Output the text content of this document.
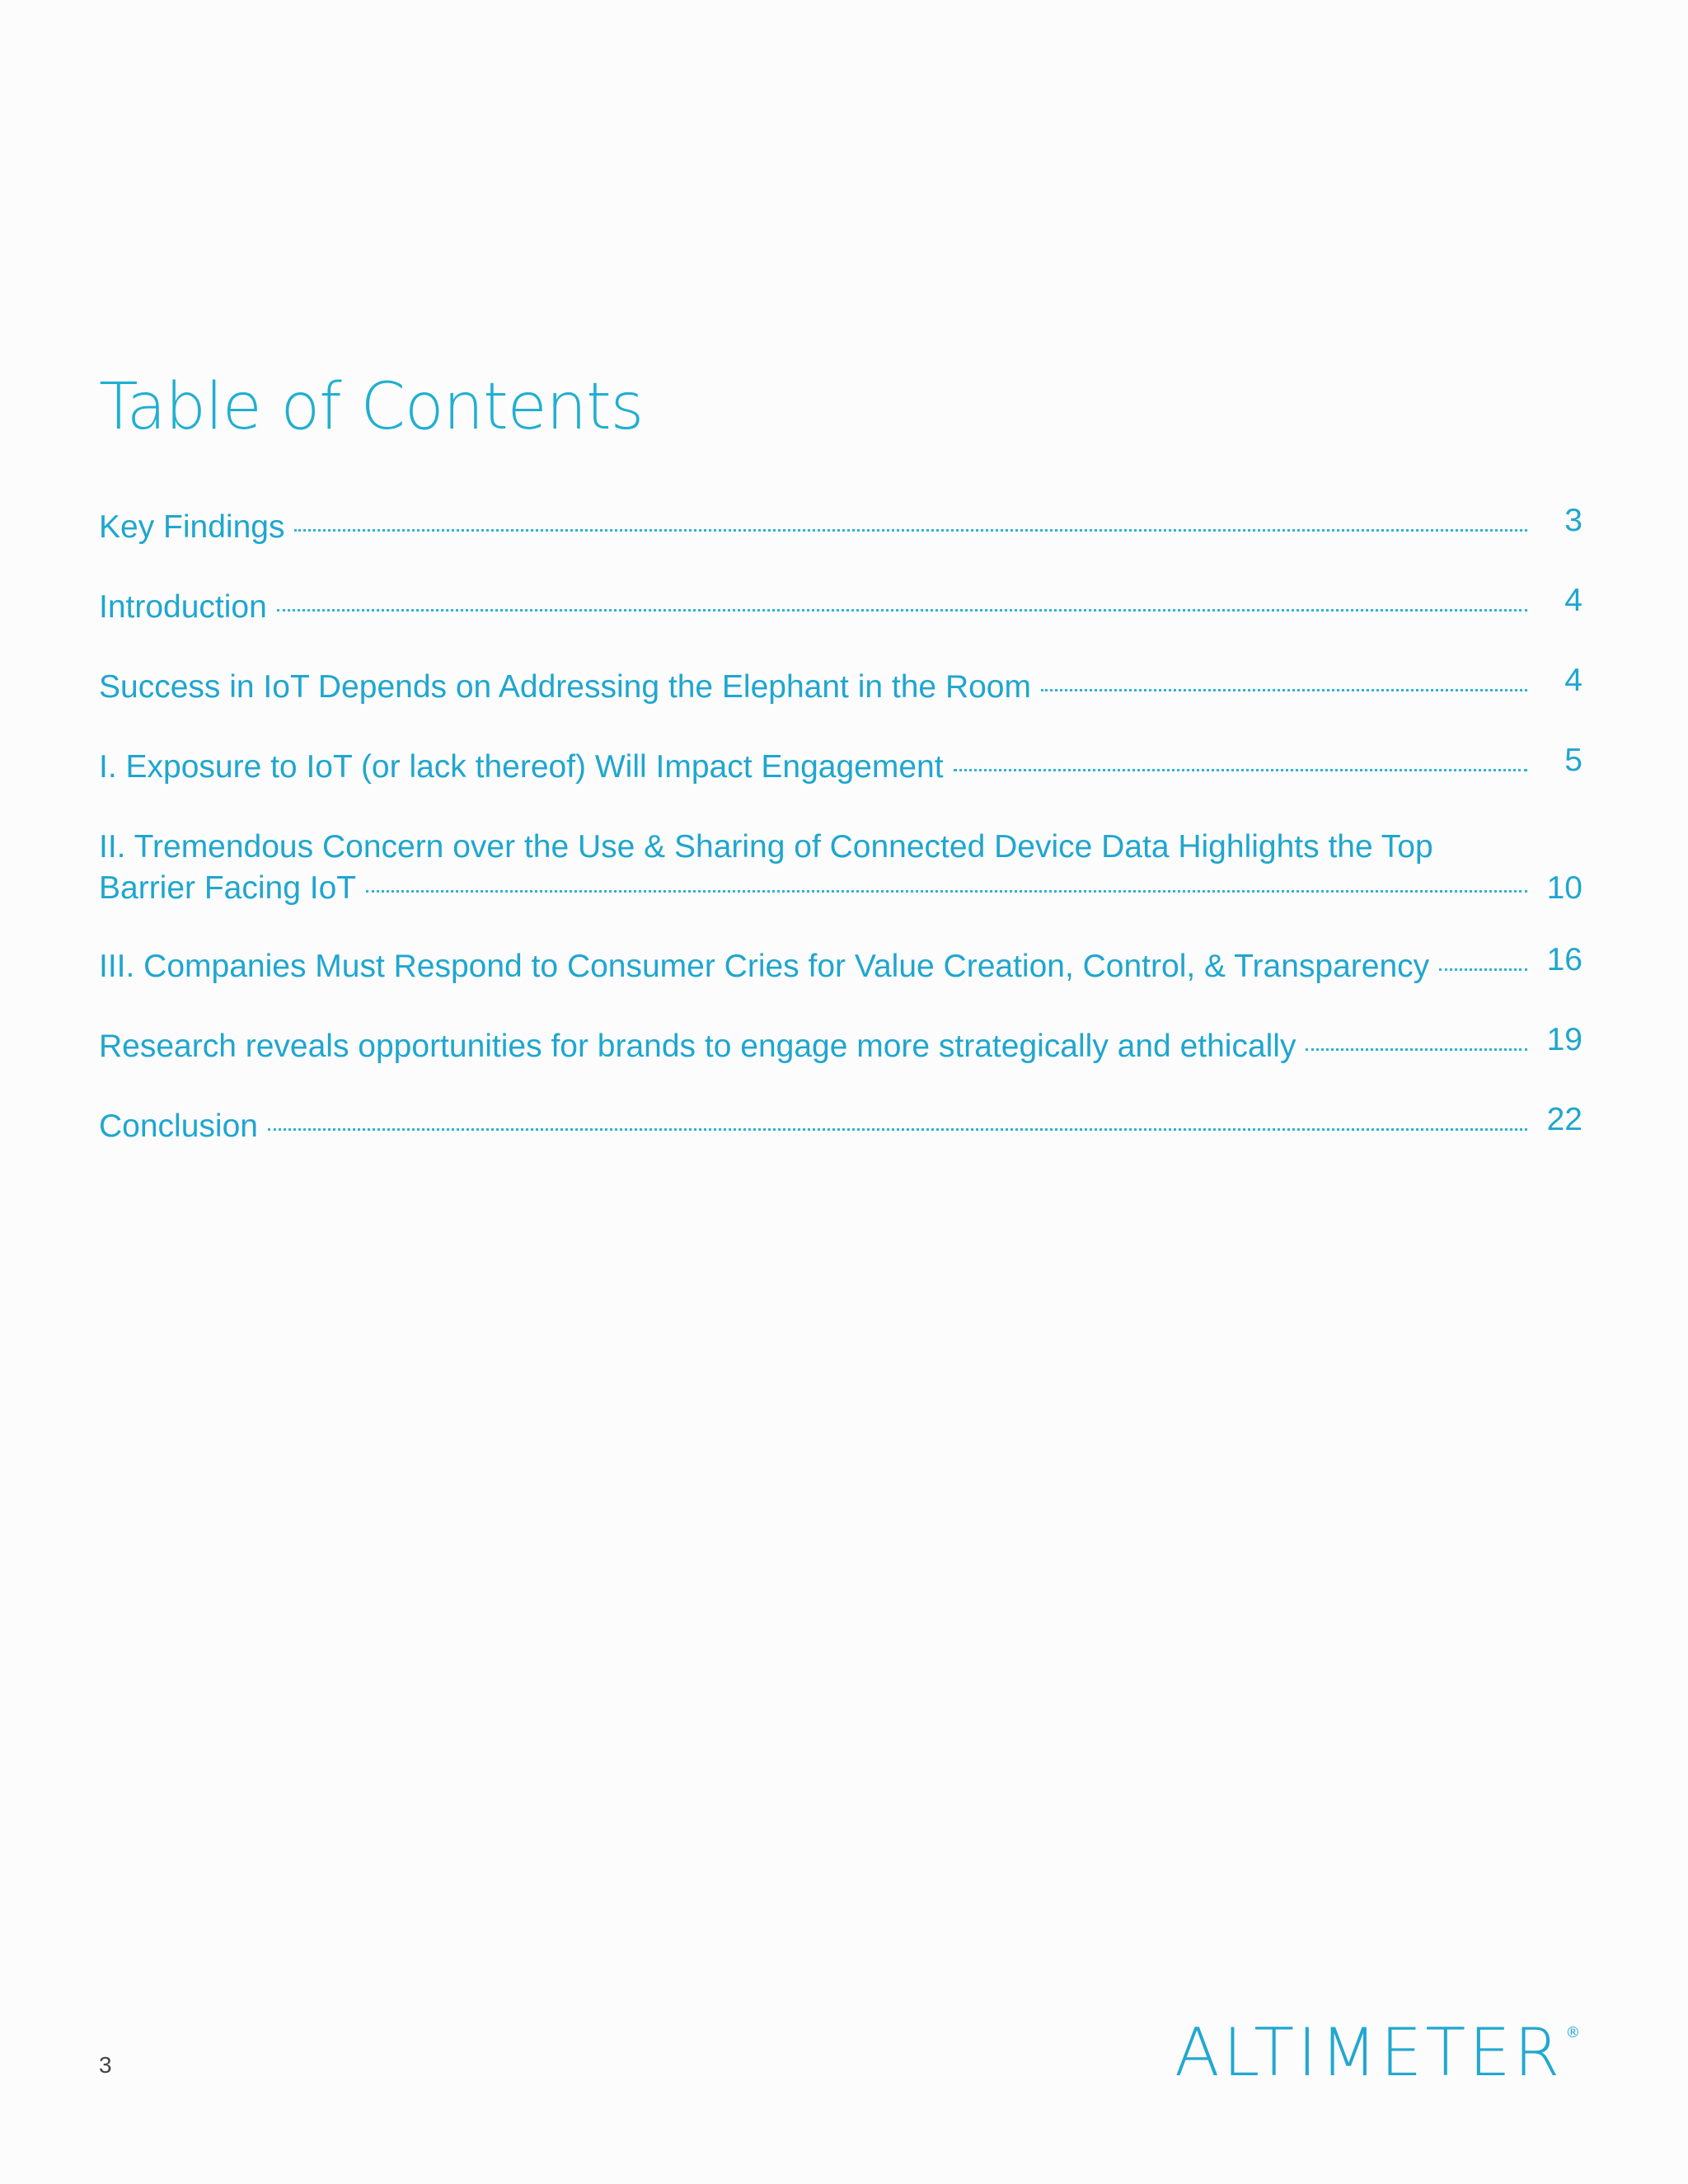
Table of Contents
Key Findings	3
Introduction	4
Success in IoT Depends on Addressing the Elephant in the Room	4
I. Exposure to IoT (or lack thereof) Will Impact Engagement	5
II. Tremendous Concern over the Use & Sharing of Connected Device Data Highlights the Top
Barrier Facing IoT	10
III. Companies Must Respond to Consumer Cries for Value Creation, Control, & Transparency	16
Research reveals opportunities for brands to engage more strategically and ethically	19
Conclusion	22
3	ALTIMETER ®
